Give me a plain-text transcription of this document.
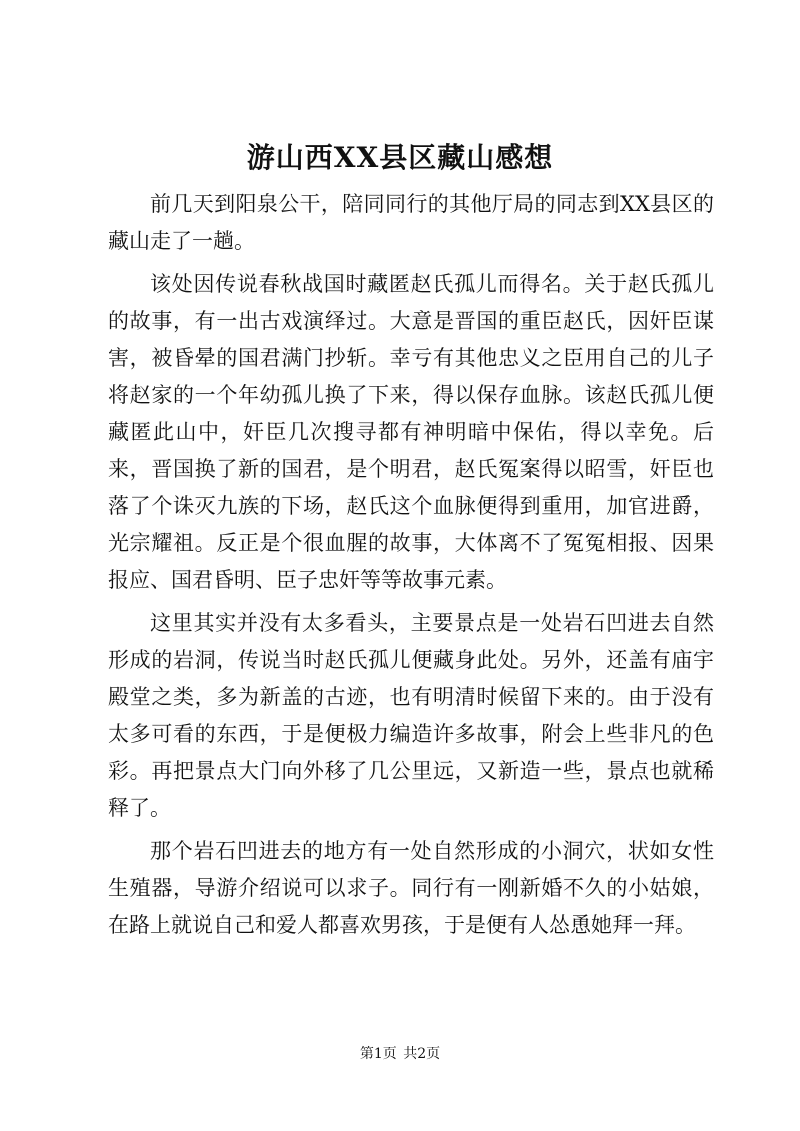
游山西XX县区藏山感想

前几天到阳泉公干，陪同同行的其他厅局的同志到XX县区的藏山走了一趟。

该处因传说春秋战国时藏匿赵氏孤儿而得名。关于赵氏孤儿的故事，有一出古戏演绎过。大意是晋国的重臣赵氏，因奸臣谋害，被昏晕的国君满门抄斩。幸亏有其他忠义之臣用自己的儿子将赵家的一个年幼孤儿换了下来，得以保存血脉。该赵氏孤儿便藏匿此山中，奸臣几次搜寻都有神明暗中保佑，得以幸免。后来，晋国换了新的国君，是个明君，赵氏冤案得以昭雪，奸臣也落了个诛灭九族的下场，赵氏这个血脉便得到重用，加官进爵，光宗耀祖。反正是个很血腥的故事，大体离不了冤冤相报、因果报应、国君昏明、臣子忠奸等等故事元素。

这里其实并没有太多看头，主要景点是一处岩石凹进去自然形成的岩洞，传说当时赵氏孤儿便藏身此处。另外，还盖有庙宇殿堂之类，多为新盖的古迹，也有明清时候留下来的。由于没有太多可看的东西，于是便极力编造许多故事，附会上些非凡的色彩。再把景点大门向外移了几公里远，又新造一些，景点也就稀释了。

那个岩石凹进去的地方有一处自然形成的小洞穴，状如女性生殖器，导游介绍说可以求子。同行有一刚新婚不久的小姑娘，在路上就说自己和爱人都喜欢男孩，于是便有人怂恿她拜一拜。

第1页 共2页
